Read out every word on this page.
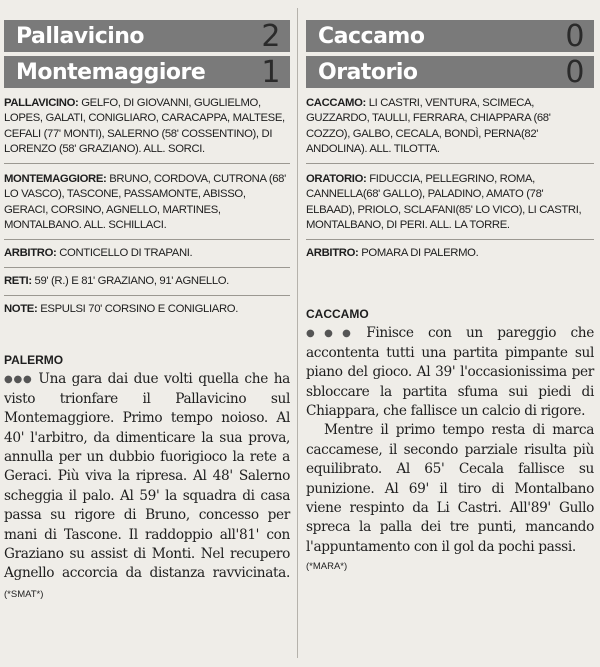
Pallavicino	2
Montemaggiore 1
PALLAVICINO: GELFO, DI GIOVANNI, GUGLIELMO, LOPES, GALATI, CONIGLIARO, CARACAPPA, MALTESE, CEFALI (77' MONTI), SALERNO (58' COSSENTINO), DI LORENZO (58' GRAZIANO). ALL. SORCI.
MONTEMAGGIORE: BRUNO, CORDOVA, CUTRONA (68' LO VASCO), TASCONE, PASSAMONTE, ABISSO, GERACI, CORSINO, AGNELLO, MARTINES, MONTALBANO. ALL. SCHILLACI.
ARBITRO: CONTICELLO DI TRAPANI.
RETI: 59' (R.) E 81' GRAZIANO, 91' AGNELLO.
NOTE: ESPULSI 70' CORSINO E CONIGLIARO.
PALERMO

●●● Una gara dai due volti quella che ha visto trionfare il Pallavicino sul Montemaggiore. Primo tempo noioso. Al 40' l'arbitro, da dimenticare la sua prova, annulla per un dubbio fuorigioco la rete a Geraci. Più viva la ripresa. Al 48' Salerno scheggia il palo. Al 59' la squadra di casa passa su rigore di Bruno, concesso per mani di Tascone. Il raddoppio all'81' con Graziano su assist di Monti. Nel recupero Agnello accorcia da distanza ravvicinata. (*SMAT*)

Caccamo	0
Oratorio	0
CACCAMO: LI CASTRI, VENTURA, SCIMECA, GUZZARDO, TAULLI, FERRARA, CHIAPPARA (68' COZZO), GALBO, CECALA, BONDÌ, PERNA(82' ANDOLINA). ALL. TILOTTA.
ORATORIO: FIDUCCIA, PELLEGRINO, ROMA, CANNELLA(68' GALLO), PALADINO, AMATO (78' ELBAAD), PRIOLO, SCLAFANI(85' LO VICO), LI CASTRI, MONTALBANO, DI PERI. ALL. LA TORRE.
ARBITRO: POMARA DI PALERMO.
CACCAMO

●●● Finisce con un pareggio che accontenta tutti una partita pimpante sul piano del gioco. Al 39' l'occasionissima per sbloccare la partita sfuma sui piedi di Chiappara, che fallisce un calcio di rigore.

Mentre il primo tempo resta di marca caccamese, il secondo parziale risulta più equilibrato. Al 65' Cecala fallisce su punizione. Al 69' il tiro di Montalbano viene respinto da Li Castri. All'89' Gullo spreca la palla dei tre punti, mancando l'appuntamento con il gol da pochi passi.

(*MARA*)
